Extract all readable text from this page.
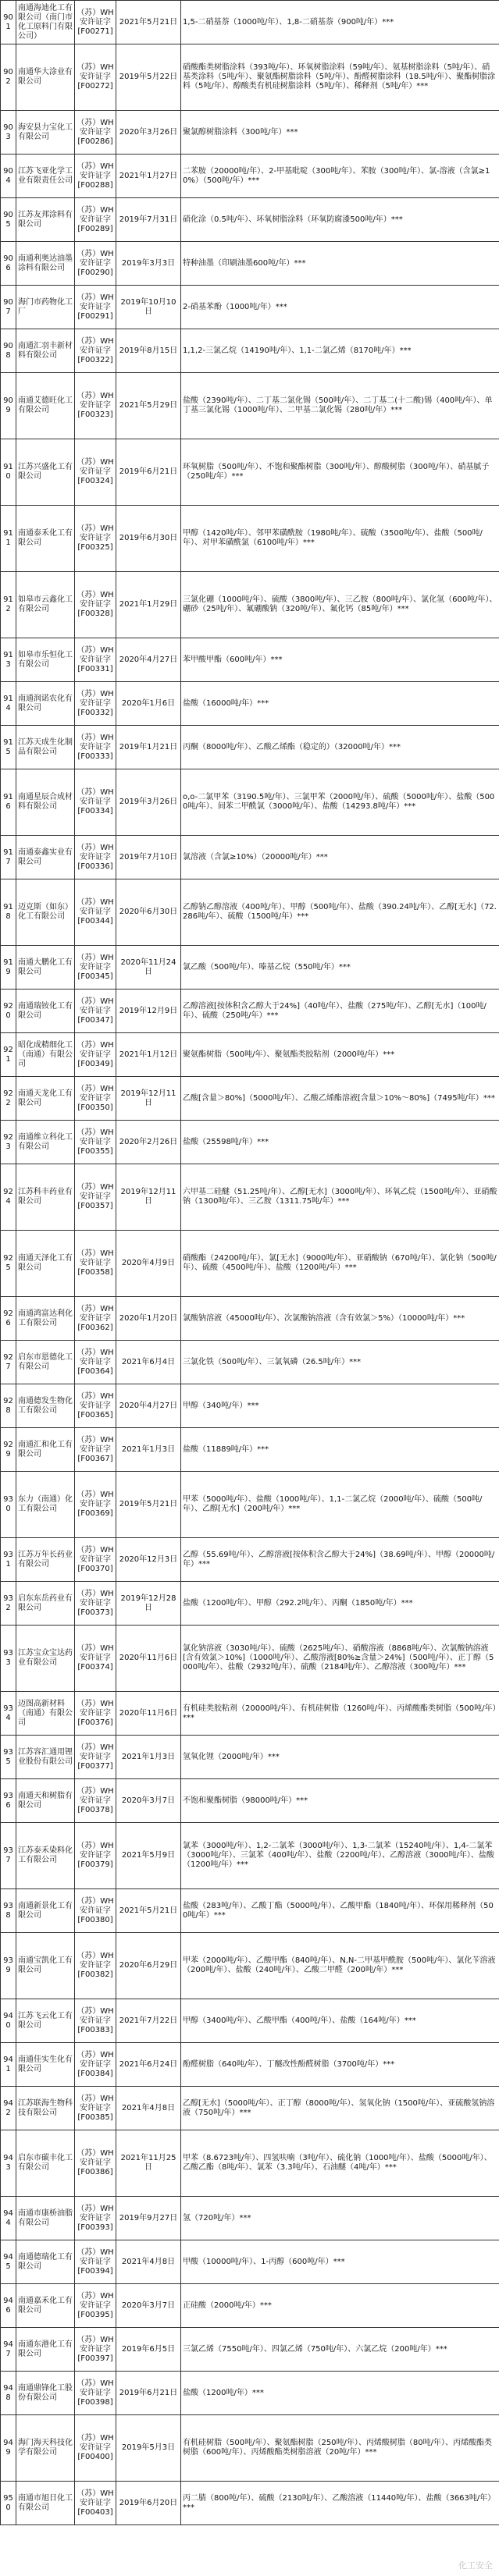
901	南通海迪化工有限公司（南门市化工原料门有限公司）	（苏）WH安许证字[F00271]	2021年5月21日	1,5-二硝基萘（1000吨/年）、1,8-二硝基萘（900吨/年）***
902	南通华大涂业有限公司	（苏）WH安许证字[F00272]	2019年5月22日	硝酸酯类树脂涂料（393吨/年）、环氧树脂涂料（59吨/年）、氨基树脂涂料（5吨/年）、硝基类涂料（5吨/年）、聚氨酯树脂涂料（5吨/年）、酚醛树脂涂料（18.5吨/年）、聚酯树脂涂料（5吨/年）、醇酸类有机硅树脂涂料（5吨/年）、稀释剂（5吨/年）***
903	海安县力宝化工有限公司	（苏）WH安许证字[F00286]	2020年3月26日	聚氯醇树脂涂料（300吨/年）***
904	江苏飞亚化学工业有限责任公司	（苏）WH安许证字[F00288]	2021年1月27日	二苯胺（20000吨/年）、2-甲基吡啶（300吨/年）、苯胺（300吨/年）、氯-溶液（含氯≥10%）（500吨/年）***
905	江苏友邦涂料有限公司	（苏）WH安许证字[F00289]	2019年7月31日	硝化涂（0.5吨/年）、环氧树脂涂料（环氧防腐漆500吨/年）***
906	南通利奥达油墨涂料有限公司	（苏）WH安许证字[F00290]	2019年3月3日	特种油墨（印刷油墨600吨/年）***
907	海门市药物化工厂	（苏）WH安许证字[F00291]	2019年10月10日	2-硝基苯酚（1000吨/年）***
908	南通汇羽丰新材料有限公司	（苏）WH安许证字[F00322]	2019年8月15日	1,1,2-三氯乙烷（14190吨/年）、1,1-二氯乙烯（8170吨/年）***
909	南通艾德旺化工有限公司	（苏）WH安许证字[F00323]	2021年5月29日	盐酸（2390吨/年）、二丁基二氯化锡（500吨/年）、二丁基二(十二酸)锡（400吨/年）、单丁基三氯化锡（1000吨/年）、二甲基二氯化锡（280吨/年）***
910	江苏兴盛化工有限公司	（苏）WH安许证字[F00324]	2019年6月21日	环氧树脂（500吨/年）、不饱和聚酯树脂（300吨/年）、醇酸树脂（300吨/年）、硝基腻子（250吨/年）***
911	南通泰禾化工有限公司	（苏）WH安许证字[F00325]	2019年6月30日	甲醇（1420吨/年）、邻甲苯磺酰胺（1980吨/年）、硫酸（3500吨/年）、盐酸（500吨/年）、对甲苯磺酰氯（6100吨/年）***
912	如皋市云鑫化工有限公司	（苏）WH安许证字[F00328]	2021年1月29日	三氯化硼（1000吨/年）、硫酸（3800吨/年）、三乙胺（800吨/年）、氯化氢（600吨/年）、硼砂（25吨/年）、氟硼酸钠（320吨/年）、氟化钙（85吨/年）***
913	如皋市乐恒化工有限公司	（苏）WH安许证字[F00331]	2020年4月27日	苯甲酸甲酯（600吨/年）***
914	南通润诺农化有限公司	（苏）WH安许证字[F00332]	2020年1月6日	盐酸（16000吨/年）***
915	江苏天成生化制品有限公司	（苏）WH安许证字[F00333]	2019年1月21日	丙酮（8000吨/年）、乙酸乙烯酯（稳定的）（32000吨/年）***
916	南通星辰合成材料有限公司	（苏）WH安许证字[F00334]	2019年3月26日	o,o-二氯甲苯（3190.5吨/年）、三氯甲苯（2000吨/年）、硫酸（5000吨/年）、盐酸（5000吨/年）、间苯二甲酰氯（3000吨/年）、盐酸（14293.8吨/年）***
917	南通泰鑫实业有限公司	（苏）WH安许证字[F00336]	2019年7月10日	氯溶液（含氯≥10%）（20000吨/年）***
918	迈克斯（如东）化工有限公司	（苏）WH安许证字[F00344]	2020年6月30日	乙醇钠乙醇溶液（400吨/年）、甲醇（500吨/年）、盐酸（390.24吨/年）、乙醇[无水]（72.286吨/年）、硫酸（1500吨/年）***
919	南通大鹏化工有限公司	（苏）WH安许证字[F00345]	2020年11月24日	氯乙酸（500吨/年）、嗪基乙烷（550吨/年）***
920	南通瑞铵化工有限公司	（苏）WH安许证字[F00347]	2019年12月9日	乙醇溶液[按体积含乙醇大于24%]（40吨/年）、盐酸（275吨/年）、乙醇[无水]（100吨/年）、硫酸（250吨/年）***
921	昭化成精细化工（南通）有限公司	（苏）WH安许证字[F00349]	2021年1月12日	聚氨酯树脂（500吨/年）、聚氨酯类胶粘剂（2000吨/年）***
922	南通天龙化工有限公司	（苏）WH安许证字[F00350]	2019年12月11日	乙酸[含量＞80%]（5000吨/年）、乙酸乙烯酯溶液[含量＞10%～80%]（7495吨/年）***
923	南通维立科化工有限公司	（苏）WH安许证字[F00355]	2020年2月26日	盐酸（25598吨/年）***
924	江苏科丰药业有限公司	（苏）WH安许证字[F00357]	2019年12月11日	六甲基二硅醚（51.25吨/年）、乙醇[无水]（3000吨/年）、环氧乙烷（1500吨/年）、亚硝酸钠（1300吨/年）、三乙胺（1311.75吨/年）***
925	南通天泽化工有限公司	（苏）WH安许证字[F00358]	2020年4月9日	硝酸酯（24200吨/年）、氯[无水]（9000吨/年）、亚硝酸钠（670吨/年）、氯化钠（500吨/年）、硫酸（4500吨/年）、盐酸（1200吨/年）***
926	南通鸿富达利化工有限公司	（苏）WH安许证字[F00362]	2020年1月20日	氯酸钠溶液（45000吨/年）、次氯酸钠溶液（含有效氯＞5%）（10000吨/年）***
927	启东市恩德化工有限公司	（苏）WH安许证字[F00364]	2021年6月4日	三氯化铁（500吨/年）、三氯氧磷（26.5吨/年）***
928	南通德发生物化工有限公司	（苏）WH安许证字[F00365]	2020年4月27日	甲醇（340吨/年）***
929	南通汇和化工有限公司	（苏）WH安许证字[F00367]	2021年1月3日	盐酸（11889吨/年）***
930	东力（南通）化工有限公司	（苏）WH安许证字[F00369]	2019年5月21日	甲苯（5000吨/年）、盐酸（1000吨/年）、1,1-二氯乙烷（2000吨/年）、硫酸（500吨/年）、乙醇[无水]（200吨/年）***
931	江苏万年长药业有限公司	（苏）WH安许证字[F00370]	2020年12月3日	乙醇（55.69吨/年）、乙醇溶液[按体积含乙醇大于24%]（38.69吨/年）、甲醇（20000吨/年）***
932	启东东岳药业有限公司	（苏）WH安许证字[F00373]	2019年12月28日	盐酸（1200吨/年）、甲醇（292.2吨/年）、丙酮（1850吨/年）***
933	江苏宝众宝达药业有限公司	（苏）WH安许证字[F00374]	2020年11月6日	氯化钠溶液（3030吨/年）、硫酸（2625吨/年）、硝酸溶液（8868吨/年）、次氯酸钠溶液[含有效氯＞10%]（1000吨/年）、乙酸溶液[80%≥含量＞24%]（500吨/年）、正丁醇（5000吨/年）、盐酸（2932吨/年）、硫酸（2184吨/年）、乙醇溶液（300吨/年）***
934	迈图高新材料（南通）有限公司	（苏）WH安许证字[F00376]	2020年11月6日	有机硅类胶粘剂（20000吨/年）、有机硅树脂（1260吨/年）、丙烯酸酯类树脂（500吨/年）***
935	江苏容汇通用锂业股份有限公司	（苏）WH安许证字[F00377]	2021年1月3日	氢氧化锂（2000吨/年）***
936	南通天和树脂有限公司	（苏）WH安许证字[F00378]	2020年3月7日	不饱和聚酯树脂（98000吨/年）***
937	江苏泰禾染料化工有限公司	（苏）WH安许证字[F00379]	2021年5月9日	氯苯（3000吨/年）、1,2-二氯苯（3000吨/年）、1,3-二氯苯（15240吨/年）、1,4-二氯苯（3000吨/年）、三氯苯（400吨/年）、盐酸（2200吨/年）、乙醇溶液（3000吨/年）、盐酸（1200吨/年）***
938	南通新景化工有限公司	（苏）WH安许证字[F00380]	2021年5月21日	盐酸（283吨/年）、乙酸丁酯（5000吨/年）、乙酸甲酯（1840吨/年）、环保用稀释剂（500吨/年）***
939	南通宝凯化工有限公司	（苏）WH安许证字[F00382]	2020年6月29日	甲苯（2000吨/年）、乙酸甲酯（840吨/年）、N,N-二甲基甲酰胺（500吨/年）、氯化苄溶液（200吨/年）、盐酸（240吨/年）、乙酸二甲醛（200吨/年）***
940	江苏飞云化工有限公司	（苏）WH安许证字[F00383]	2021年7月22日	甲醇（3400吨/年）、乙酸甲酯（400吨/年）、盐酸（164吨/年）***
941	南通佳实生化有限公司	（苏）WH安许证字[F00384]	2021年6月24日	酚醛树脂（640吨/年）、丁醚改性酚醛树脂（3700吨/年）***
942	江苏联海生物科技有限公司	（苏）WH安许证字[F00385]	2021年4月8日	乙醇[无水]（5000吨/年）、正丁醇（8000吨/年）、氢氧化钠（1500吨/年）、亚硫酸氢钠溶液（750吨/年）***
943	启东市碳丰化工有限公司	（苏）WH安许证字[F00386]	2021年11月25日	甲苯（8.6723吨/年）、四氢呋喃（3吨/年）、硫化钠（1000吨/年）、盐酸（5000吨/年）、乙酸乙酯（8吨/年）、氯苯（3.3吨/年）、石油醚（4吨/年）***
944	南通市康桥油脂有限公司	（苏）WH安许证字[F00393]	2019年9月27日	氢（720吨/年）***
945	南通德瑞化工有限公司	（苏）WH安许证字[F00394]	2021年4月8日	甲酸（10000吨/年）、1-丙醇（600吨/年）***
946	南通嘉禾化工有限公司	（苏）WH安许证字[F00395]	2020年3月7日	正硅酸（2000吨/年）***
947	南通东港化工有限公司	（苏）WH安许证字[F00397]	2019年6月5日	三氯乙烯（7550吨/年）、四氯乙烯（750吨/年）、六氯乙烷（200吨/年）***
948	南通鼎锋化工股份有限公司	（苏）WH安许证字[F00398]	2019年6月21日	盐酸（1200吨/年）***
949	海门海天科技化学有限公司	（苏）WH安许证字[F00400]	2019年5月3日	有机硅树脂（500吨/年）、聚氨酯树脂（250吨/年）、丙烯酸树脂（80吨/年）、丙烯酸酯类树脂（600吨/年）、丙烯酸酯类树脂溶液（20吨/年）***
950	南通市旭日化工有限公司	（苏）WH安许证字[F00403]	2019年6月20日	丙二腈（800吨/年）、硫酸（2130吨/年）、乙酸溶液（11440吨/年）、盐酸（3663吨/年）***
化工安全
